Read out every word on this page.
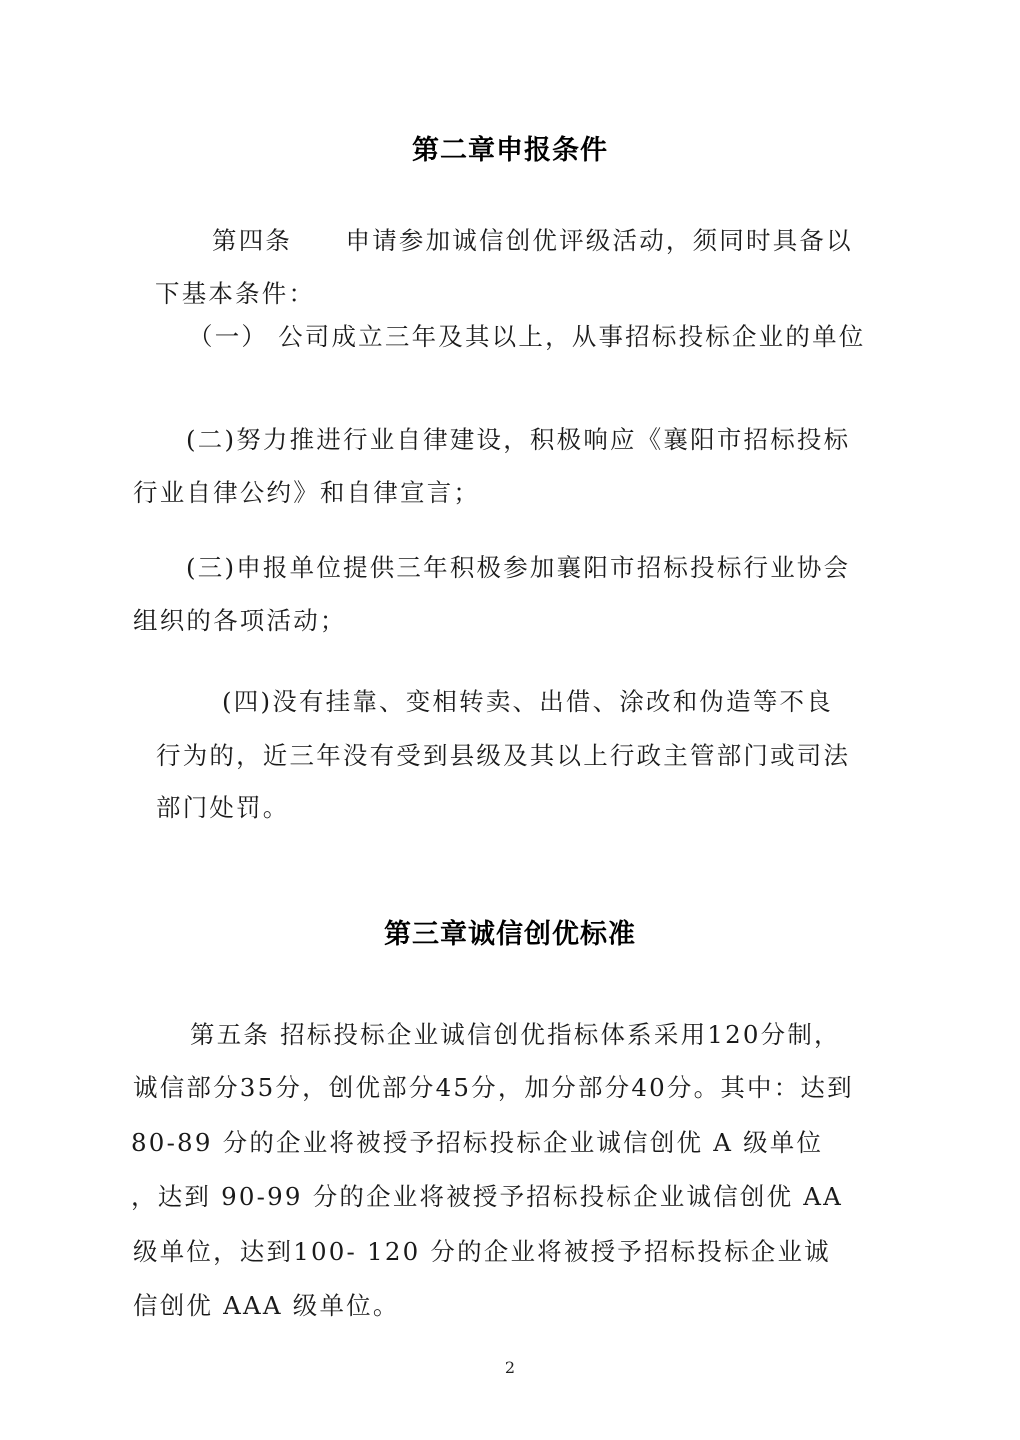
第二章申报条件
第四条　　申请参加诚信创优评级活动，须同时具备以
下基本条件：
（一） 公司成立三年及其以上，从事招标投标企业的单位
(二)努力推进行业自律建设，积极响应《襄阳市招标投标
行业自律公约》和自律宣言；
(三)申报单位提供三年积极参加襄阳市招标投标行业协会
组织的各项活动；
(四)没有挂靠、变相转卖、出借、涂改和伪造等不良
行为的，近三年没有受到县级及其以上行政主管部门或司法
部门处罚。
第三章诚信创优标准
第五条 招标投标企业诚信创优指标体系采用120分制，
诚信部分35分，创优部分45分，加分部分40分。其中：达到
80-89 分的企业将被授予招标投标企业诚信创优 A 级单位
，达到 90-99 分的企业将被授予招标投标企业诚信创优 AA
级单位，达到100- 120 分的企业将被授予招标投标企业诚
信创优 AAA 级单位。
2
